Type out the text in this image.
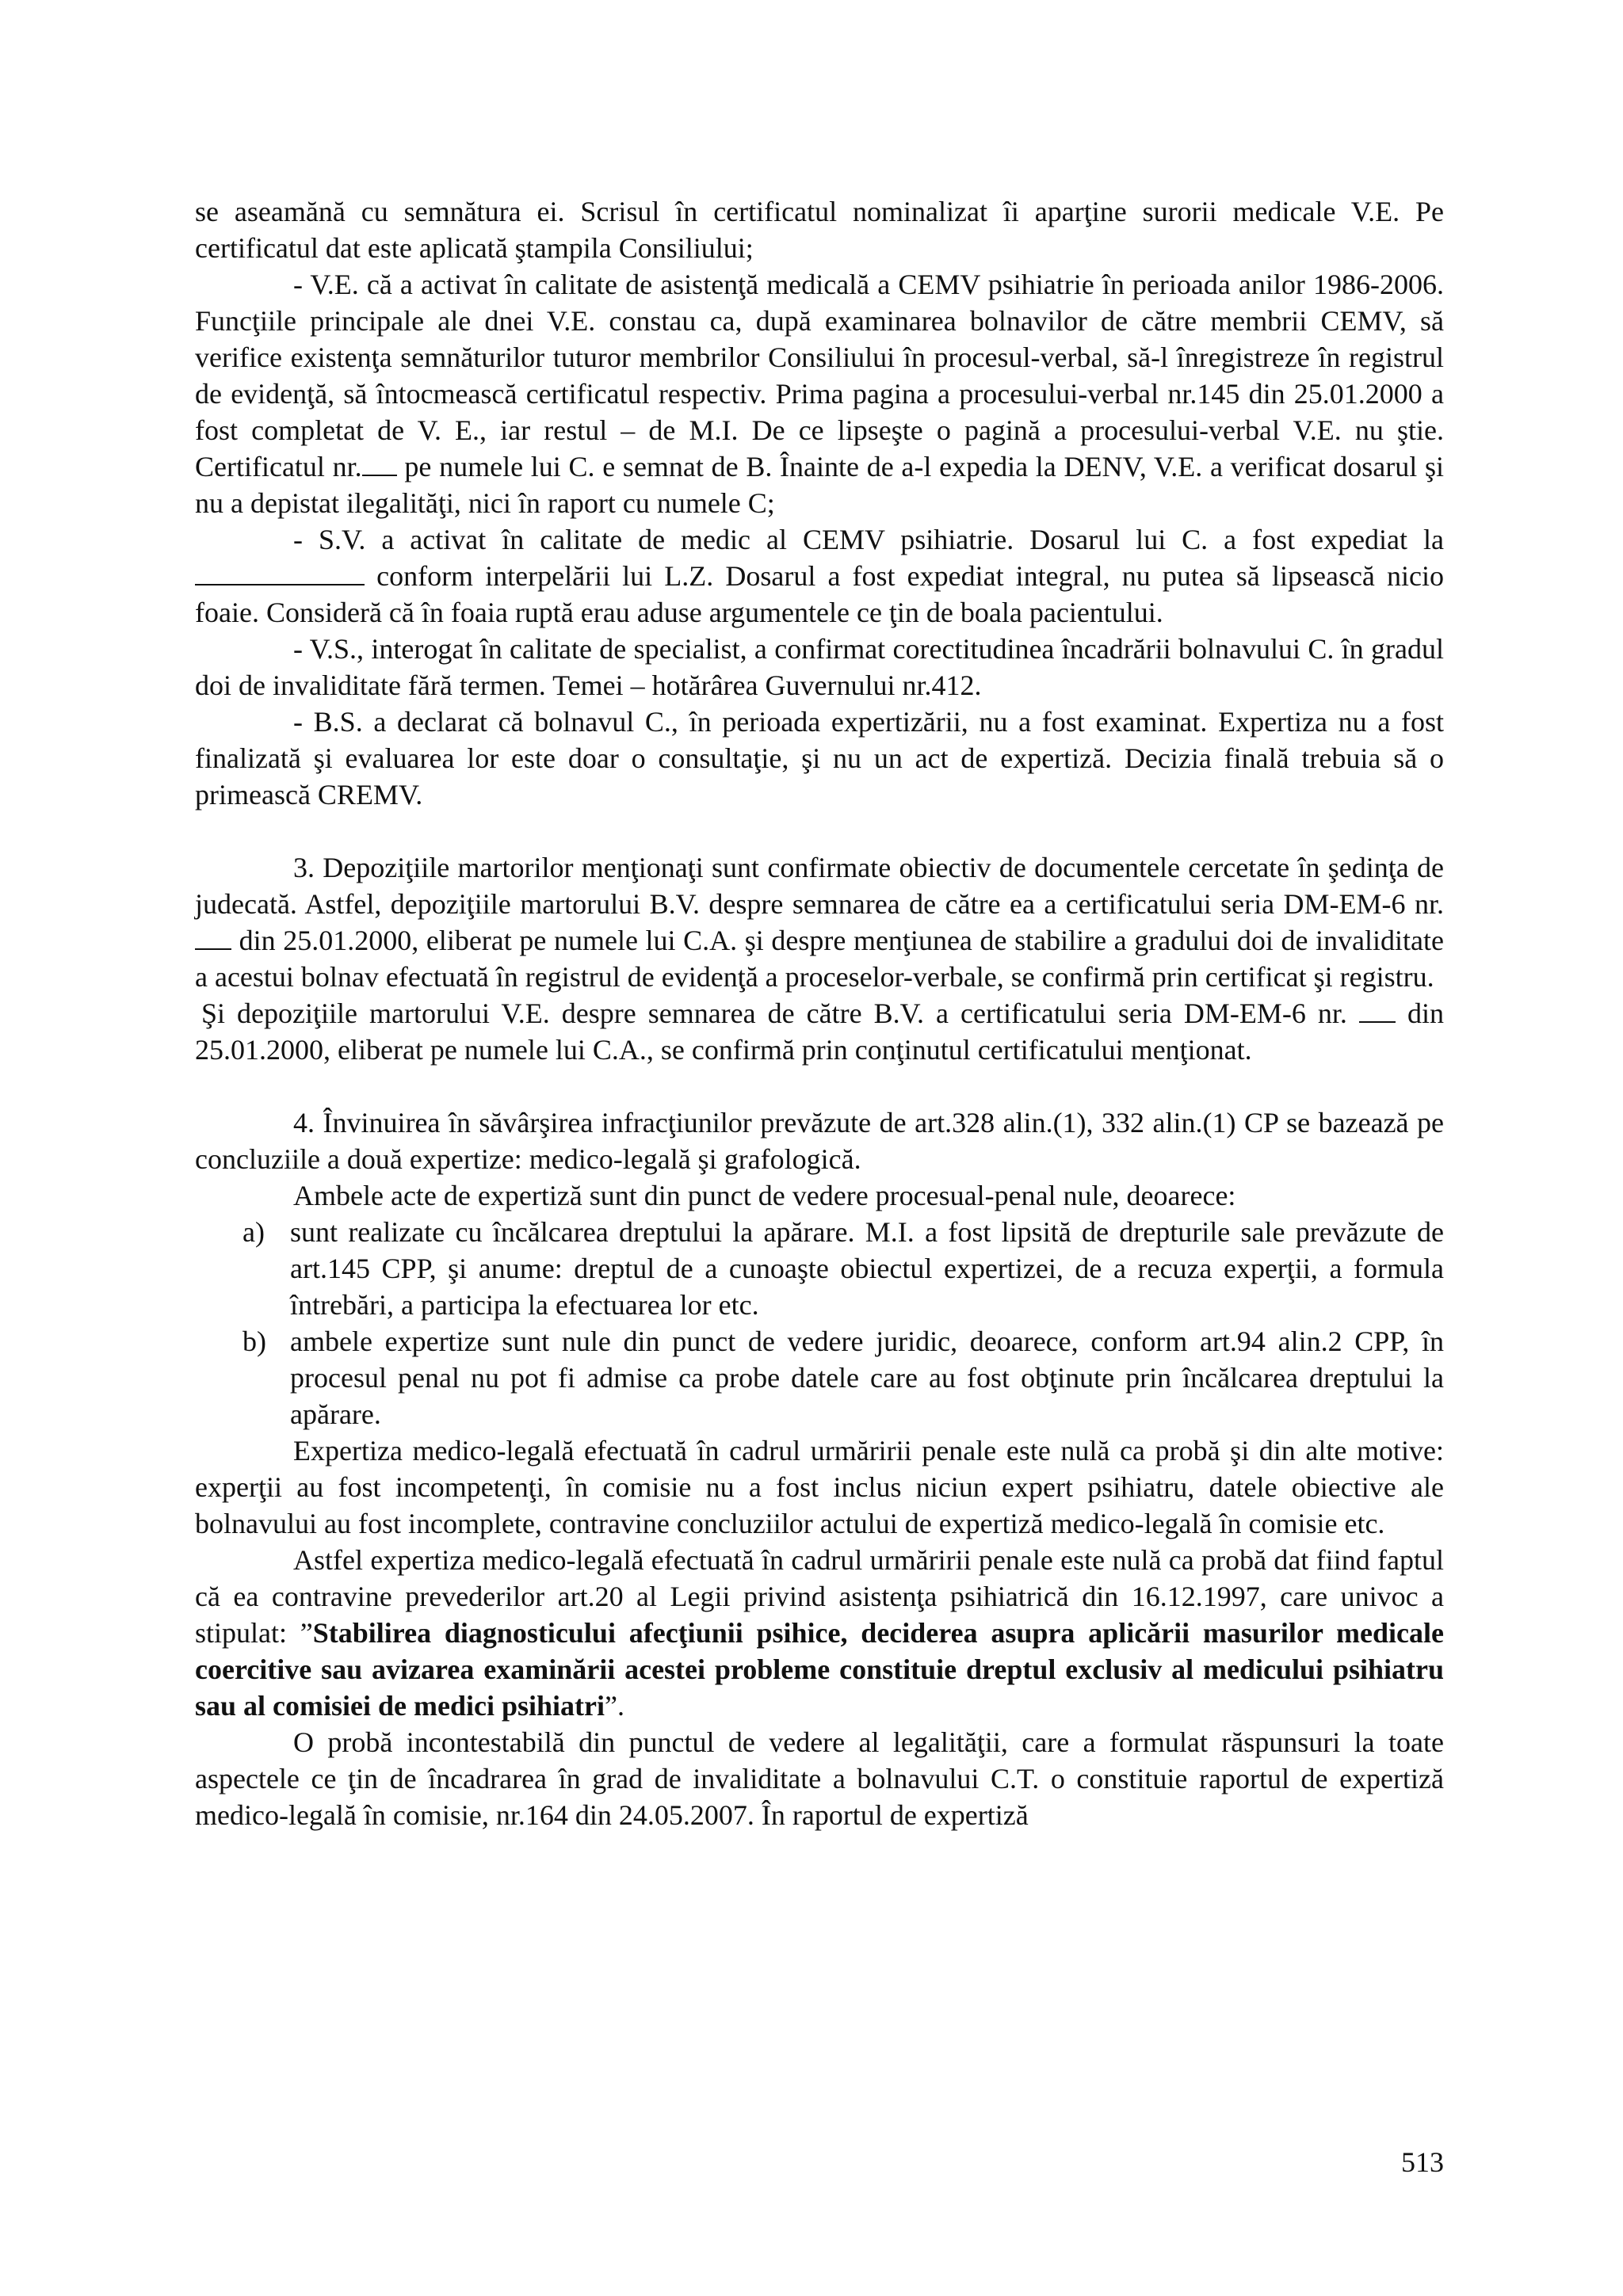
se aseamănă cu semnătura ei. Scrisul în certificatul nominalizat îi aparţine surorii medicale V.E. Pe certificatul dat este aplicată ştampila Consiliului;

- V.E. că a activat în calitate de asistenţă medicală a CEMV psihiatrie în perioada anilor 1986-2006. Funcţiile principale ale dnei V.E. constau ca, după examinarea bolnavilor de către membrii CEMV, să verifice existenţa semnăturilor tuturor membrilor Consiliului în procesul-verbal, să-l înregistreze în registrul de evidenţă, să întocmească certificatul respectiv. Prima pagina a procesului-verbal nr.145 din 25.01.2000 a fost completat de V. E., iar restul – de M.I. De ce lipseşte o pagină a procesului-verbal V.E. nu ştie. Certificatul nr. pe numele lui C. e semnat de B. Înainte de a-l expedia la DENV, V.E. a verificat dosarul şi nu a depistat ilegalităţi, nici în raport cu numele C;

- S.V. a activat în calitate de medic al CEMV psihiatrie. Dosarul lui C. a fost expediat la  conform interpelării lui L.Z. Dosarul a fost expediat integral, nu putea să lipsească nicio foaie. Consideră că în foaia ruptă erau aduse argumentele ce ţin de boala pacientului.

- V.S., interogat în calitate de specialist, a confirmat corectitudinea încadrării bolnavului C. în gradul doi de invaliditate fără termen. Temei – hotărârea Guvernului nr.412.

- B.S. a declarat că bolnavul C., în perioada expertizării, nu a fost examinat. Expertiza nu a fost finalizată şi evaluarea lor este doar o consultaţie, şi nu un act de expertiză. Decizia finală trebuia să o primească CREMV.

3. Depoziţiile martorilor menţionaţi sunt confirmate obiectiv de documentele cercetate în şedinţa de judecată. Astfel, depoziţiile martorului B.V. despre semnarea de către ea a certificatului seria DM-EM-6 nr.  din 25.01.2000, eliberat pe numele lui C.A. şi despre menţiunea de stabilire a gradului doi de invaliditate a acestui bolnav efectuată în registrul de evidenţă a proceselor-verbale, se confirmă prin certificat şi registru.

Şi depoziţiile martorului V.E. despre semnarea de către B.V. a certificatului seria DM-EM-6 nr.  din 25.01.2000, eliberat pe numele lui C.A., se confirmă prin conţinutul certificatului menţionat.

4. Învinuirea în săvârşirea infracţiunilor prevăzute de art.328 alin.(1), 332 alin.(1) CP se bazează pe concluziile a două expertize: medico-legală şi grafologică.

Ambele acte de expertiză sunt din punct de vedere procesual-penal nule, deoarece:

a) sunt realizate cu încălcarea dreptului la apărare. M.I. a fost lipsită de drepturile sale prevăzute de art.145 CPP, şi anume: dreptul de a cunoaşte obiectul expertizei, de a recuza experţii, a formula întrebări, a participa la efectuarea lor etc.
b) ambele expertize sunt nule din punct de vedere juridic, deoarece, conform art.94 alin.2 CPP, în procesul penal nu pot fi admise ca probe datele care au fost obţinute prin încălcarea dreptului la apărare.

Expertiza medico-legală efectuată în cadrul urmăririi penale este nulă ca probă şi din alte motive: experţii au fost incompetenţi, în comisie nu a fost inclus niciun expert psihiatru, datele obiective ale bolnavului au fost incomplete, contravine concluziilor actului de expertiză medico-legală în comisie etc.

Astfel expertiza medico-legală efectuată în cadrul urmăririi penale este nulă ca probă dat fiind faptul că ea contravine prevederilor art.20 al Legii privind asistenţa psihiatrică din 16.12.1997, care univoc a stipulat: ”Stabilirea diagnosticului afecţiunii psihice, deciderea asupra aplicării masurilor medicale coercitive sau avizarea examinării acestei probleme constituie dreptul exclusiv al medicului psihiatru sau al comisiei de medici psihiatri”.

O probă incontestabilă din punctul de vedere al legalităţii, care a formulat răspunsuri la toate aspectele ce ţin de încadrarea în grad de invaliditate a bolnavului C.T. o constituie raportul de expertiză medico-legală în comisie, nr.164 din 24.05.2007. În raportul de expertiză

513
